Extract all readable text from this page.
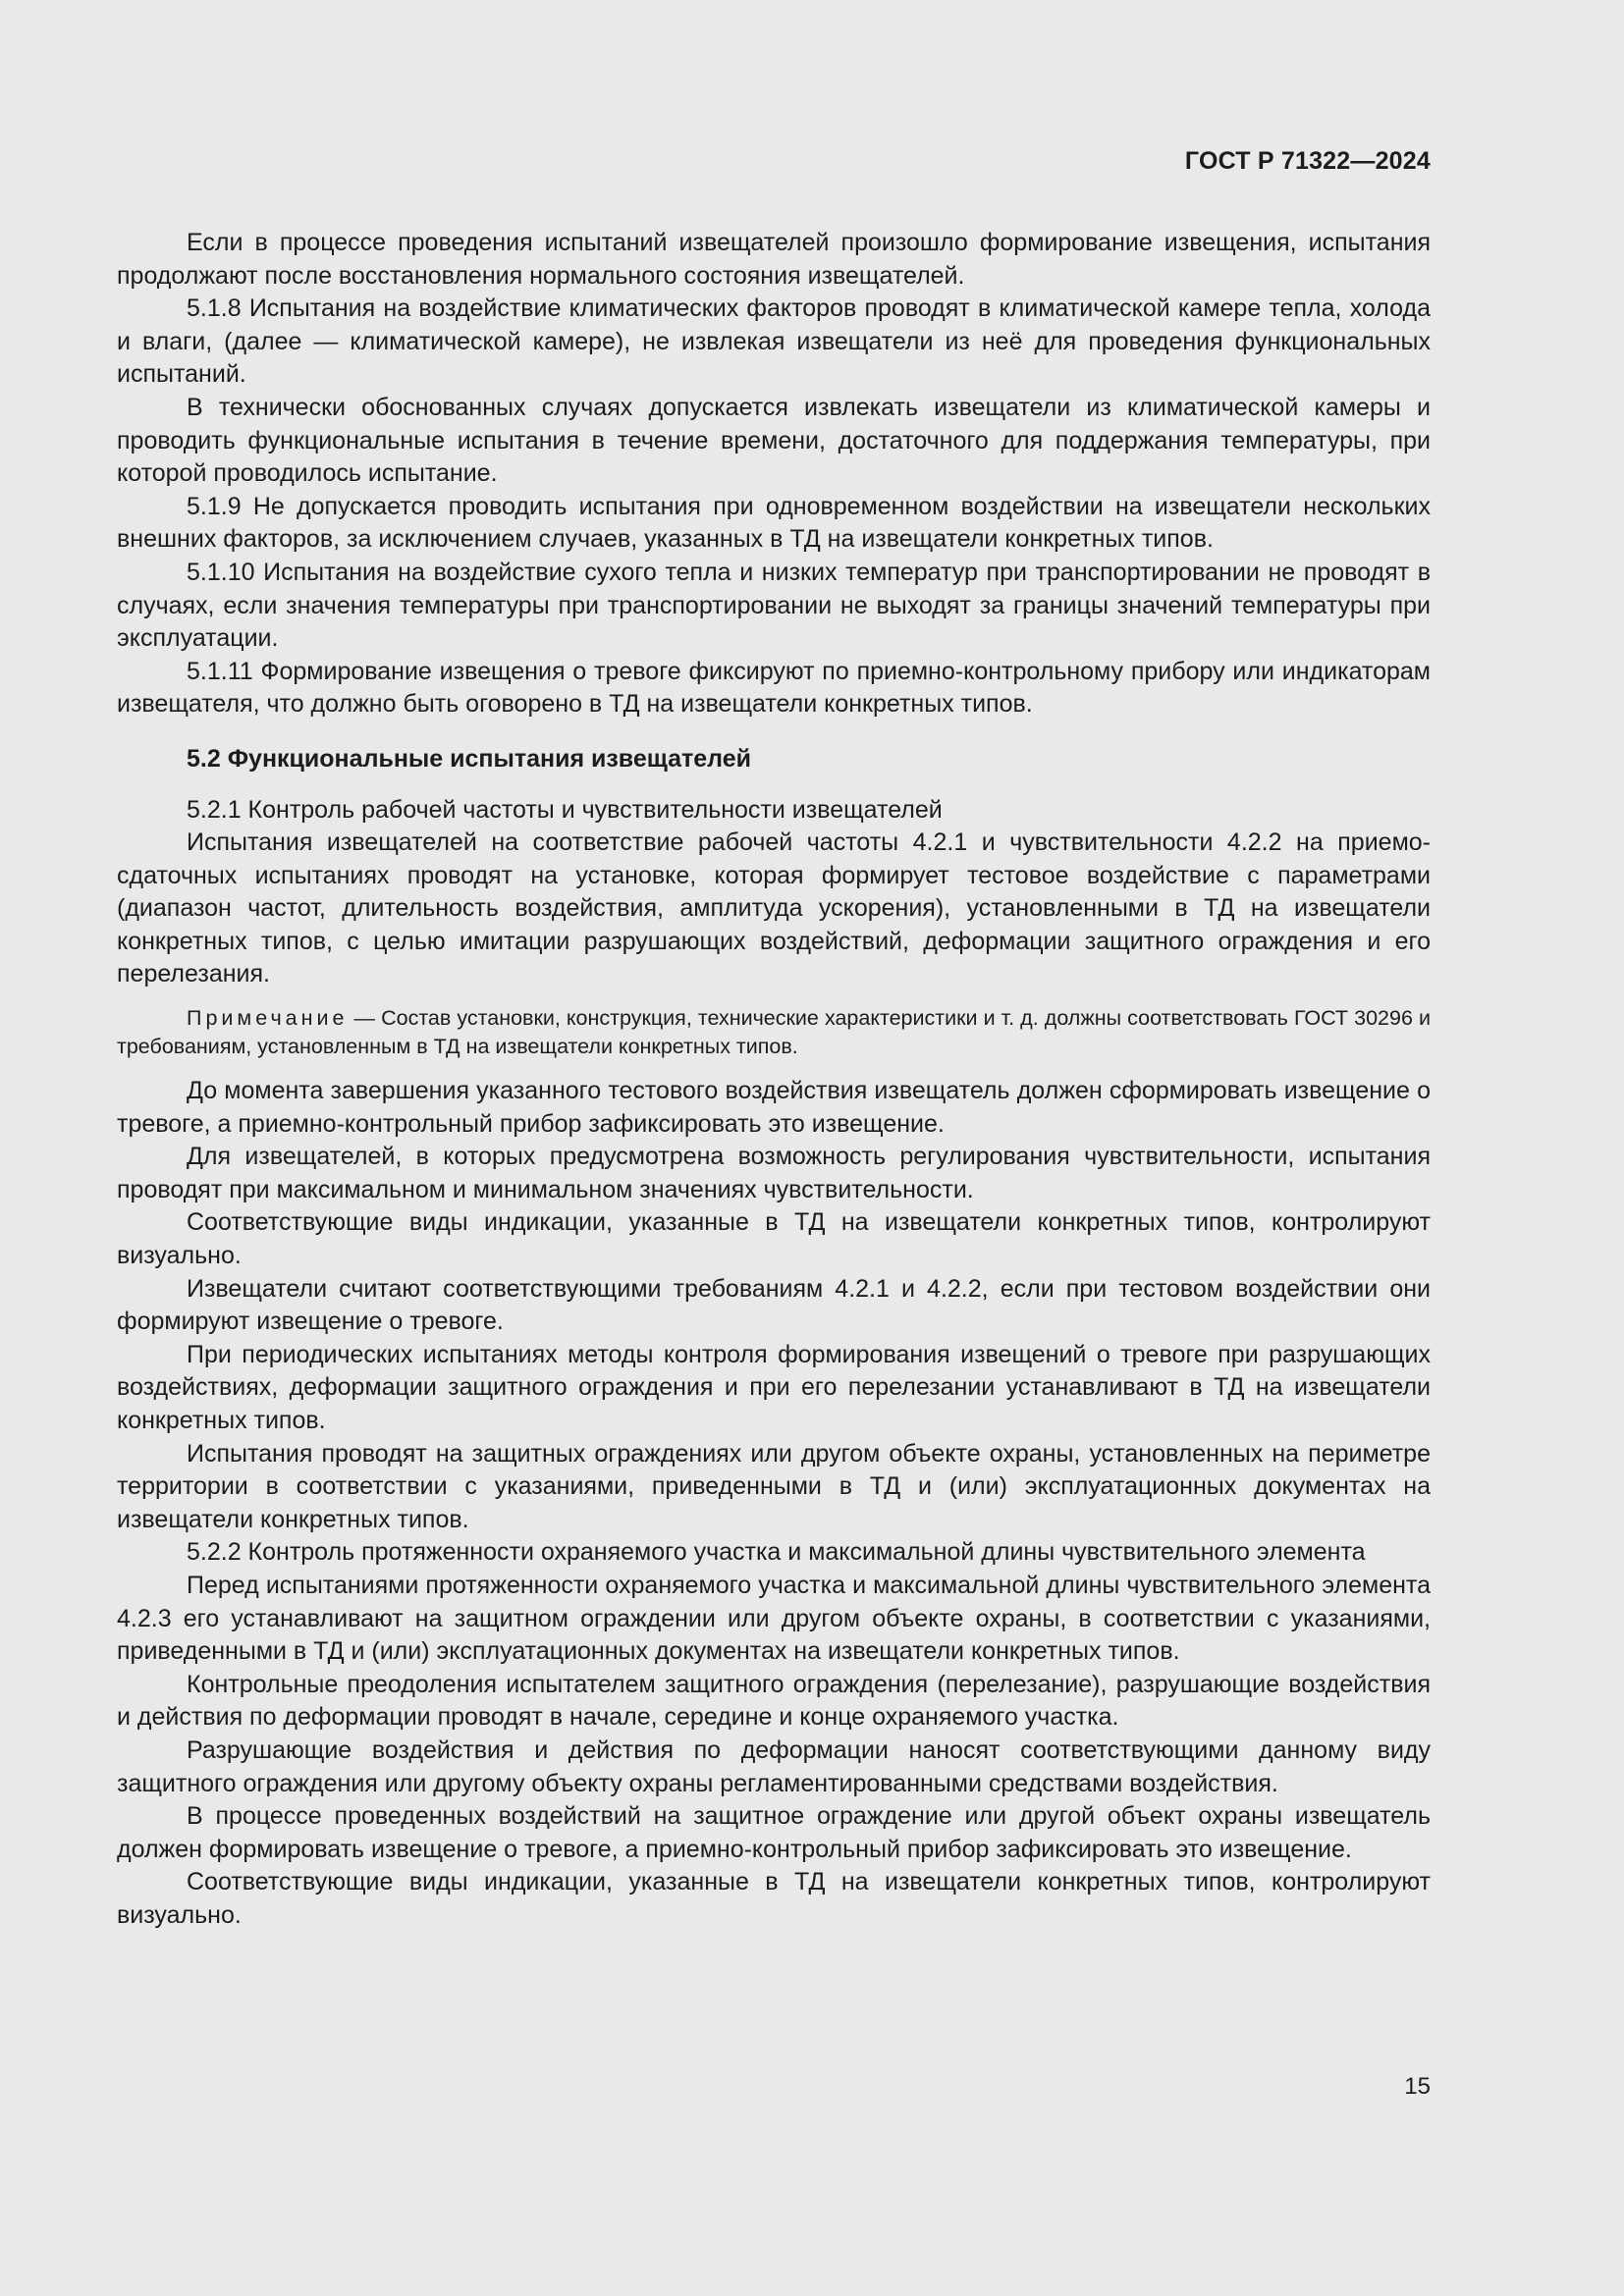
ГОСТ Р 71322—2024

Если в процессе проведения испытаний извещателей произошло формирование извещения, испытания продолжают после восстановления нормального состояния извещателей.

5.1.8 Испытания на воздействие климатических факторов проводят в климатической камере тепла, холода и влаги, (далее — климатической камере), не извлекая извещатели из неё для проведения функциональных испытаний.

В технически обоснованных случаях допускается извлекать извещатели из климатической камеры и проводить функциональные испытания в течение времени, достаточного для поддержания температуры, при которой проводилось испытание.

5.1.9 Не допускается проводить испытания при одновременном воздействии на извещатели нескольких внешних факторов, за исключением случаев, указанных в ТД на извещатели конкретных типов.

5.1.10 Испытания на воздействие сухого тепла и низких температур при транспортировании не проводят в случаях, если значения температуры при транспортировании не выходят за границы значений температуры при эксплуатации.

5.1.11 Формирование извещения о тревоге фиксируют по приемно-контрольному прибору или индикаторам извещателя, что должно быть оговорено в ТД на извещатели конкретных типов.

5.2 Функциональные испытания извещателей

5.2.1 Контроль рабочей частоты и чувствительности извещателей

Испытания извещателей на соответствие рабочей частоты 4.2.1 и чувствительности 4.2.2 на приемо-сдаточных испытаниях проводят на установке, которая формирует тестовое воздействие с параметрами (диапазон частот, длительность воздействия, амплитуда ускорения), установленными в ТД на извещатели конкретных типов, с целью имитации разрушающих воздействий, деформации защитного ограждения и его перелезания.

Примечание — Состав установки, конструкция, технические характеристики и т. д. должны соответствовать ГОСТ 30296 и требованиям, установленным в ТД на извещатели конкретных типов.

До момента завершения указанного тестового воздействия извещатель должен сформировать извещение о тревоге, а приемно-контрольный прибор зафиксировать это извещение.

Для извещателей, в которых предусмотрена возможность регулирования чувствительности, испытания проводят при максимальном и минимальном значениях чувствительности.

Соответствующие виды индикации, указанные в ТД на извещатели конкретных типов, контролируют визуально.

Извещатели считают соответствующими требованиям 4.2.1 и 4.2.2, если при тестовом воздействии они формируют извещение о тревоге.

При периодических испытаниях методы контроля формирования извещений о тревоге при разрушающих воздействиях, деформации защитного ограждения и при его перелезании устанавливают в ТД на извещатели конкретных типов.

Испытания проводят на защитных ограждениях или другом объекте охраны, установленных на периметре территории в соответствии с указаниями, приведенными в ТД и (или) эксплуатационных документах на извещатели конкретных типов.

5.2.2 Контроль протяженности охраняемого участка и максимальной длины чувствительного элемента

Перед испытаниями протяженности охраняемого участка и максимальной длины чувствительного элемента 4.2.3 его устанавливают на защитном ограждении или другом объекте охраны, в соответствии с указаниями, приведенными в ТД и (или) эксплуатационных документах на извещатели конкретных типов.

Контрольные преодоления испытателем защитного ограждения (перелезание), разрушающие воздействия и действия по деформации проводят в начале, середине и конце охраняемого участка.

Разрушающие воздействия и действия по деформации наносят соответствующими данному виду защитного ограждения или другому объекту охраны регламентированными средствами воздействия.

В процессе проведенных воздействий на защитное ограждение или другой объект охраны извещатель должен формировать извещение о тревоге, а приемно-контрольный прибор зафиксировать это извещение.

Соответствующие виды индикации, указанные в ТД на извещатели конкретных типов, контролируют визуально.

15
